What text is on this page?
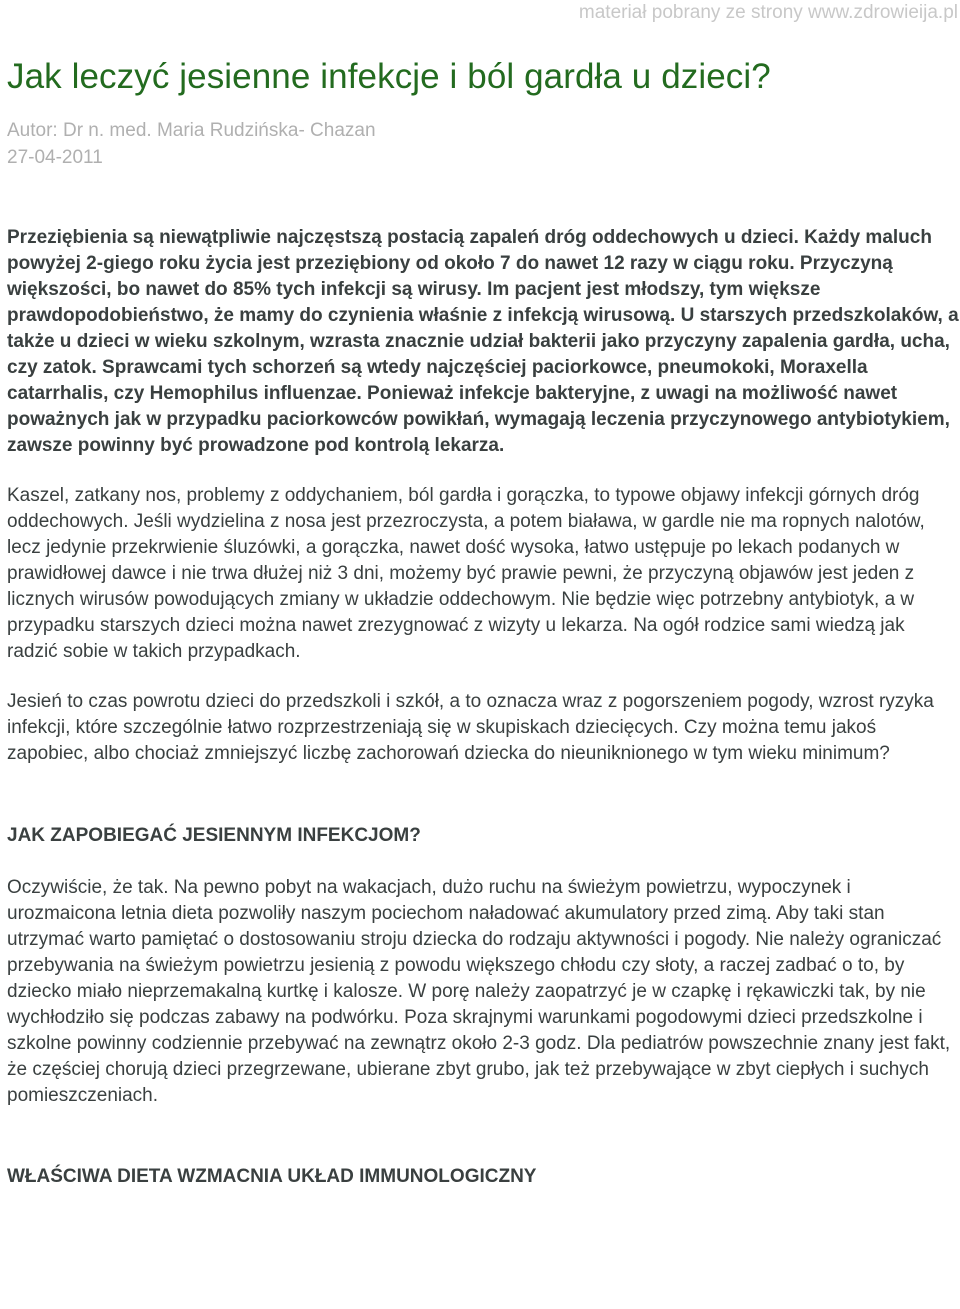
materiał pobrany ze strony www.zdrowieija.pl
Jak leczyć jesienne infekcje i ból gardła u dzieci?
Autor: Dr n. med. Maria Rudzińska- Chazan
27-04-2011

Przeziębienia są niewątpliwie najczęstszą postacią zapaleń dróg oddechowych u dzieci. Każdy maluch powyżej 2-giego roku życia jest przeziębiony od około 7 do nawet 12 razy w ciągu roku. Przyczyną większości, bo nawet do 85% tych infekcji są wirusy. Im pacjent jest młodszy, tym większe prawdopodobieństwo, że mamy do czynienia właśnie z infekcją wirusową. U starszych przedszkolaków, a także u dzieci w wieku szkolnym, wzrasta znacznie udział bakterii jako przyczyny zapalenia gardła, ucha, czy zatok. Sprawcami tych schorzeń są wtedy najczęściej paciorkowce, pneumokoki, Moraxella catarrhalis, czy Hemophilus influenzae. Ponieważ infekcje bakteryjne, z uwagi na możliwość nawet poważnych jak w przypadku paciorkowców powikłań, wymagają leczenia przyczynowego antybiotykiem, zawsze powinny być prowadzone pod kontrolą lekarza.

Kaszel, zatkany nos, problemy z oddychaniem, ból gardła i gorączka, to typowe objawy infekcji górnych dróg oddechowych. Jeśli wydzielina z nosa jest przezroczysta, a potem biaława, w gardle nie ma ropnych nalotów, lecz jedynie przekrwienie śluzówki, a gorączka, nawet dość wysoka, łatwo ustępuje po lekach podanych w prawidłowej dawce i nie trwa dłużej niż 3 dni, możemy być prawie pewni, że przyczyną objawów jest jeden z licznych wirusów powodujących zmiany w układzie oddechowym. Nie będzie więc potrzebny antybiotyk, a w przypadku starszych dzieci można nawet zrezygnować z wizyty u lekarza. Na ogół rodzice sami wiedzą jak radzić sobie w takich przypadkach.

Jesień to czas powrotu dzieci do przedszkoli i szkół, a to oznacza wraz z pogorszeniem pogody, wzrost ryzyka infekcji, które szczególnie łatwo rozprzestrzeniają się w skupiskach dziecięcych. Czy można temu jakoś zapobiec, albo chociaż zmniejszyć liczbę zachorowań dziecka do nieuniknionego w tym wieku minimum?

JAK ZAPOBIEGAĆ JESIENNYM INFEKCJOM?

Oczywiście, że tak. Na pewno pobyt na wakacjach, dużo ruchu na świeżym powietrzu, wypoczynek i urozmaicona letnia dieta pozwoliły naszym pociechom naładować akumulatory przed zimą. Aby taki stan utrzymać warto pamiętać o dostosowaniu stroju dziecka do rodzaju aktywności i pogody. Nie należy ograniczać przebywania na świeżym powietrzu jesienią z powodu większego chłodu czy słoty, a raczej zadbać o to, by dziecko miało nieprzemakalną kurtkę i kalosze. W porę należy zaopatrzyć je w czapkę i rękawiczki tak, by nie wychłodziło się podczas zabawy na podwórku. Poza skrajnymi warunkami pogodowymi dzieci przedszkolne i szkolne powinny codziennie przebywać na zewnątrz około 2-3 godz. Dla pediatrów powszechnie znany jest fakt, że częściej chorują dzieci przegrzewane, ubierane zbyt grubo, jak też przebywające w zbyt ciepłych i suchych pomieszczeniach.

WŁAŚCIWA DIETA WZMACNIA UKŁAD IMMUNOLOGICZNY
